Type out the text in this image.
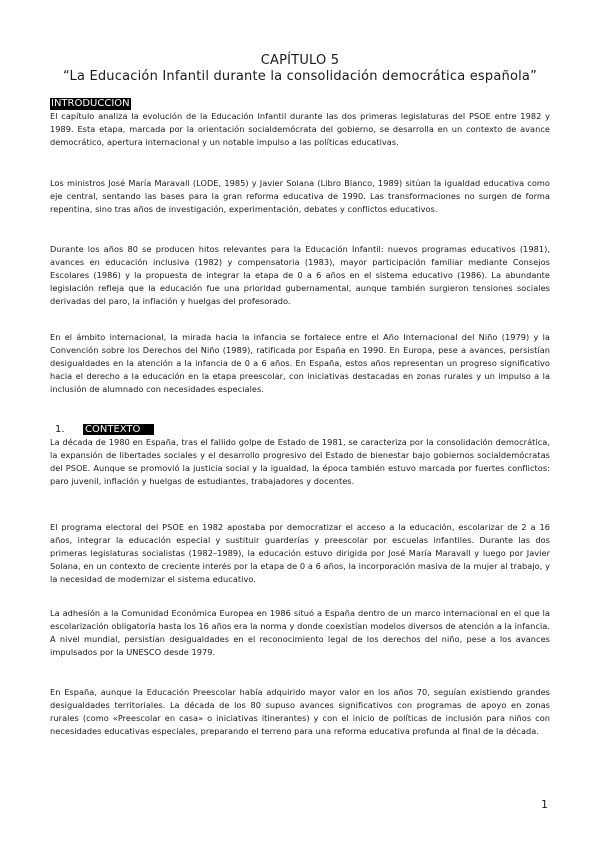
CAPÍTULO 5
“La Educación Infantil durante la consolidación democrática española”
INTRODUCCION
El capítulo analiza la evolución de la Educación Infantil durante las dos primeras legislaturas del PSOE entre 1982 y 1989. Esta etapa, marcada por la orientación socialdemócrata del gobierno, se desarrolla en un contexto de avance democrático, apertura internacional y un notable impulso a las políticas educativas.
Los ministros José María Maravall (LODE, 1985) y Javier Solana (Libro Blanco, 1989) sitúan la igualdad educativa como eje central, sentando las bases para la gran reforma educativa de 1990. Las transformaciones no surgen de forma repentina, sino tras años de investigación, experimentación, debates y conflictos educativos.
Durante los años 80 se producen hitos relevantes para la Educación Infantil: nuevos programas educativos (1981), avances en educación inclusiva (1982) y compensatoria (1983), mayor participación familiar mediante Consejos Escolares (1986) y la propuesta de integrar la etapa de 0 a 6 años en el sistema educativo (1986). La abundante legislación refleja que la educación fue una prioridad gubernamental, aunque también surgieron tensiones sociales derivadas del paro, la inflación y huelgas del profesorado.
En el ámbito internacional, la mirada hacia la infancia se fortalece entre el Año Internacional del Niño (1979) y la Convención sobre los Derechos del Niño (1989), ratificada por España en 1990. En Europa, pese a avances, persistían desigualdades en la atención a la infancia de 0 a 6 años. En España, estos años representan un progreso significativo hacia el derecho a la educación en la etapa preescolar, con iniciativas destacadas en zonas rurales y un impulso a la inclusión de alumnado con necesidades especiales.
1. CONTEXTO
La década de 1980 en España, tras el fallido golpe de Estado de 1981, se caracteriza por la consolidación democrática, la expansión de libertades sociales y el desarrollo progresivo del Estado de bienestar bajo gobiernos socialdemócratas del PSOE. Aunque se promovió la justicia social y la igualdad, la época también estuvo marcada por fuertes conflictos: paro juvenil, inflación y huelgas de estudiantes, trabajadores y docentes.
El programa electoral del PSOE en 1982 apostaba por democratizar el acceso a la educación, escolarizar de 2 a 16 años, integrar la educación especial y sustituir guarderías y preescolar por escuelas infantiles. Durante las dos primeras legislaturas socialistas (1982–1989), la educación estuvo dirigida por José María Maravall y luego por Javier Solana, en un contexto de creciente interés por la etapa de 0 a 6 años, la incorporación masiva de la mujer al trabajo, y la necesidad de modernizar el sistema educativo.
La adhesión a la Comunidad Económica Europea en 1986 situó a España dentro de un marco internacional en el que la escolarización obligatoria hasta los 16 años era la norma y donde coexistían modelos diversos de atención a la infancia. A nivel mundial, persistían desigualdades en el reconocimiento legal de los derechos del niño, pese a los avances impulsados por la UNESCO desde 1979.
En España, aunque la Educación Preescolar había adquirido mayor valor en los años 70, seguían existiendo grandes desigualdades territoriales. La década de los 80 supuso avances significativos con programas de apoyo en zonas rurales (como «Preescolar en casa» o iniciativas itinerantes) y con el inicio de políticas de inclusión para niños con necesidades educativas especiales, preparando el terreno para una reforma educativa profunda al final de la década.
1
